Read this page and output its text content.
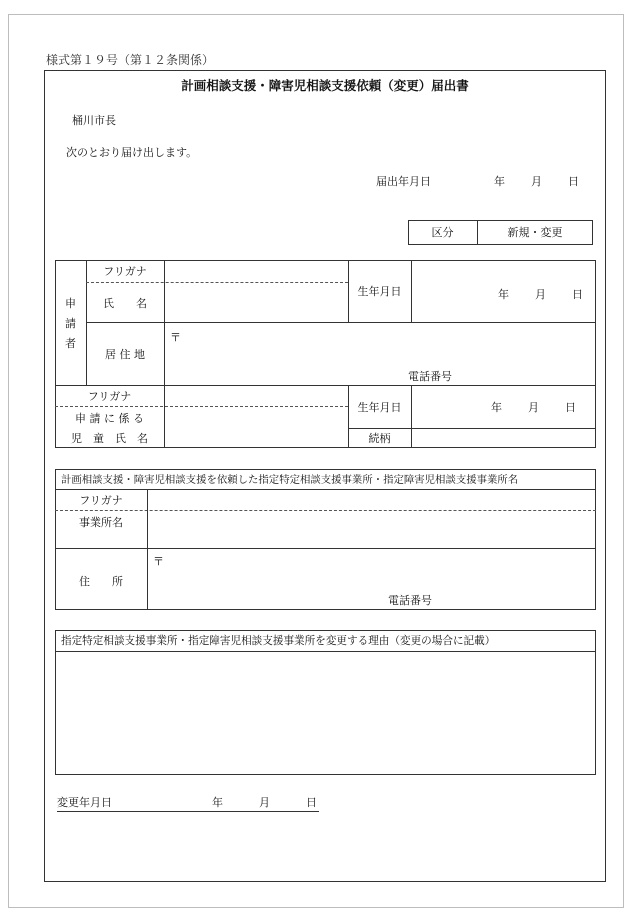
様式第１９号（第１２条関係）
計画相談支援・障害児相談支援依頼（変更）届出書
桶川市長
次のとおり届け出します。
届出年月日	年 月 日
区分	新規・変更
申
請
者
フリガナ
氏　　名
生年月日	年 月 日
居 住 地
〒
電話番号
フリガナ
申 請 に 係 る
児　童　氏　名
生年月日	年 月 日
続柄
計画相談支援・障害児相談支援を依頼した指定特定相談支援事業所・指定障害児相談支援事業所名
フリガナ
事業所名
住　　所
〒
電話番号
指定特定相談支援事業所・指定障害児相談支援事業所を変更する理由（変更の場合に記載）
変更年月日	年	月	日
